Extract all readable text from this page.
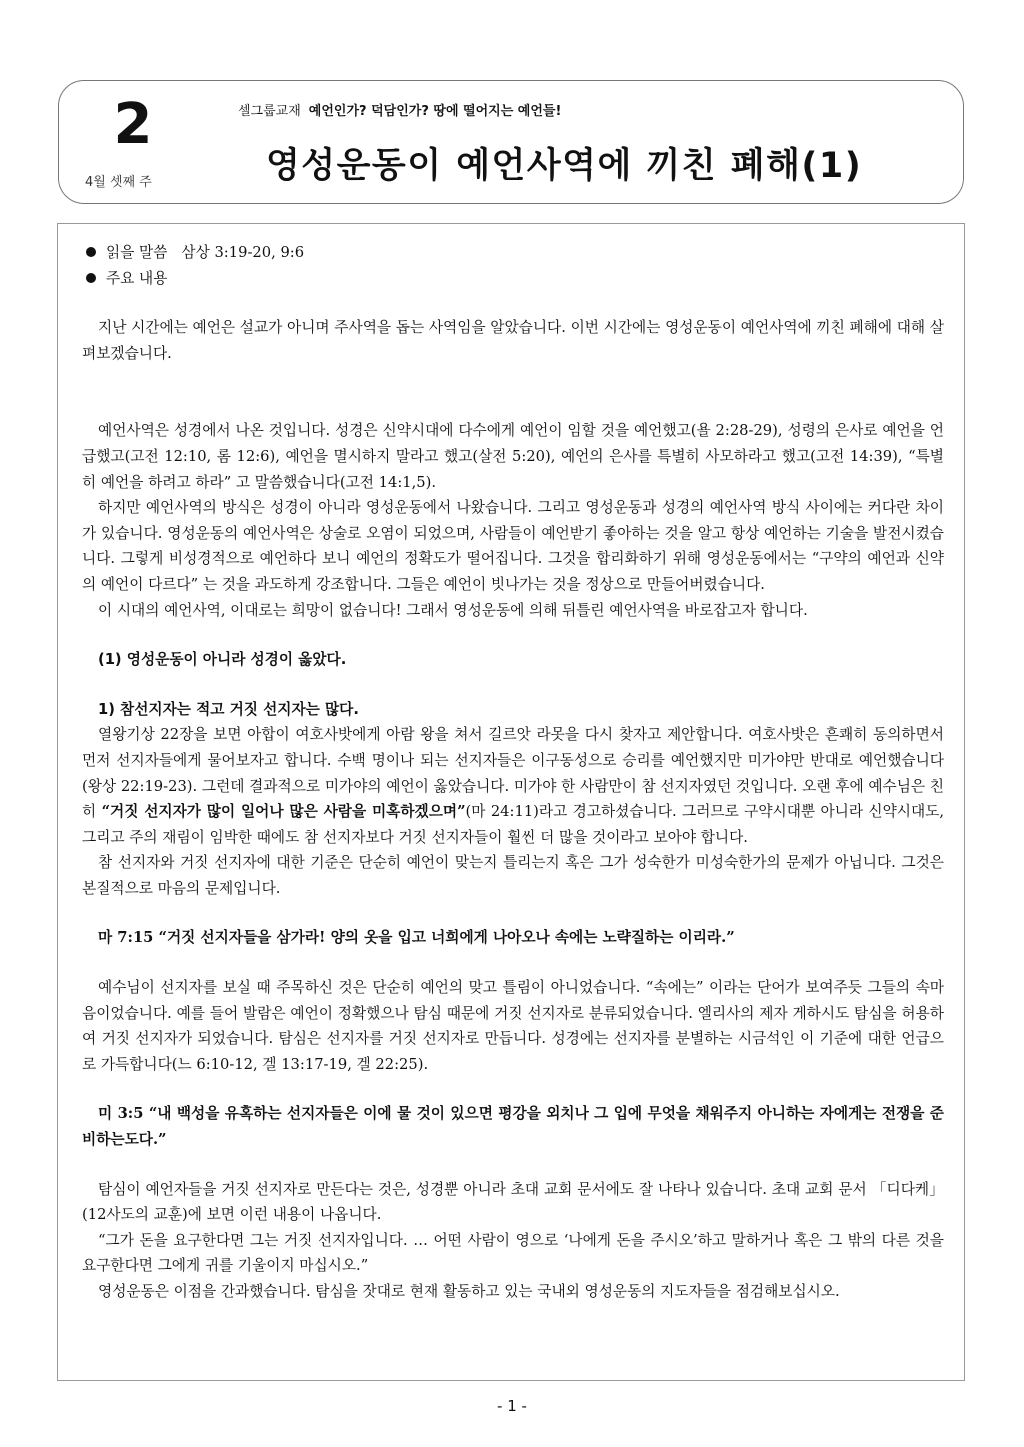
2
4월 셋째 주
셀그룹교재 예언인가? 덕담인가? 땅에 떨어지는 예언들!
영성운동이 예언사역에 끼친 폐해(1)

읽을 말씀 삼상 3:19-20, 9:6

주요 내용

지난 시간에는 예언은 설교가 아니며 주사역을 돕는 사역임을 알았습니다. 이번 시간에는 영성운동이 예언사역에 끼친 폐해에 대해 살펴보겠습니다.

예언사역은 성경에서 나온 것입니다. 성경은 신약시대에 다수에게 예언이 임할 것을 예언했고(욜 2:28-29), 성령의 은사로 예언을 언급했고(고전 12:10, 롬 12:6), 예언을 멸시하지 말라고 했고(살전 5:20), 예언의 은사를 특별히 사모하라고 했고(고전 14:39), “특별히 예언을 하려고 하라” 고 말씀했습니다(고전 14:1,5).

하지만 예언사역의 방식은 성경이 아니라 영성운동에서 나왔습니다. 그리고 영성운동과 성경의 예언사역 방식 사이에는 커다란 차이가 있습니다. 영성운동의 예언사역은 상술로 오염이 되었으며, 사람들이 예언받기 좋아하는 것을 알고 항상 예언하는 기술을 발전시켰습니다. 그렇게 비성경적으로 예언하다 보니 예언의 정확도가 떨어집니다. 그것을 합리화하기 위해 영성운동에서는 “구약의 예언과 신약의 예언이 다르다” 는 것을 과도하게 강조합니다. 그들은 예언이 빗나가는 것을 정상으로 만들어버렸습니다.

이 시대의 예언사역, 이대로는 희망이 없습니다! 그래서 영성운동에 의해 뒤틀린 예언사역을 바로잡고자 합니다.

(1) 영성운동이 아니라 성경이 옳았다.

1) 참선지자는 적고 거짓 선지자는 많다.

열왕기상 22장을 보면 아합이 여호사밧에게 아람 왕을 쳐서 길르앗 라못을 다시 찾자고 제안합니다. 여호사밧은 흔쾌히 동의하면서 먼저 선지자들에게 물어보자고 합니다. 수백 명이나 되는 선지자들은 이구동성으로 승리를 예언했지만 미가야만 반대로 예언했습니다(왕상 22:19-23). 그런데 결과적으로 미가야의 예언이 옳았습니다. 미가야 한 사람만이 참 선지자였던 것입니다. 오랜 후에 예수님은 친히 “거짓 선지자가 많이 일어나 많은 사람을 미혹하겠으며”(마 24:11)라고 경고하셨습니다. 그러므로 구약시대뿐 아니라 신약시대도, 그리고 주의 재림이 임박한 때에도 참 선지자보다 거짓 선지자들이 훨씬 더 많을 것이라고 보아야 합니다.

참 선지자와 거짓 선지자에 대한 기준은 단순히 예언이 맞는지 틀리는지 혹은 그가 성숙한가 미성숙한가의 문제가 아닙니다. 그것은 본질적으로 마음의 문제입니다.

마 7:15 “거짓 선지자들을 삼가라! 양의 옷을 입고 너희에게 나아오나 속에는 노략질하는 이리라.”

예수님이 선지자를 보실 때 주목하신 것은 단순히 예언의 맞고 틀림이 아니었습니다. “속에는” 이라는 단어가 보여주듯 그들의 속마음이었습니다. 예를 들어 발람은 예언이 정확했으나 탐심 때문에 거짓 선지자로 분류되었습니다. 엘리사의 제자 게하시도 탐심을 허용하여 거짓 선지자가 되었습니다. 탐심은 선지자를 거짓 선지자로 만듭니다. 성경에는 선지자를 분별하는 시금석인 이 기준에 대한 언급으로 가득합니다(느 6:10-12, 겔 13:17-19, 겔 22:25).

미 3:5 “내 백성을 유혹하는 선지자들은 이에 물 것이 있으면 평강을 외치나 그 입에 무엇을 채워주지 아니하는 자에게는 전쟁을 준비하는도다.”

탐심이 예언자들을 거짓 선지자로 만든다는 것은, 성경뿐 아니라 초대 교회 문서에도 잘 나타나 있습니다. 초대 교회 문서 「디다케」(12사도의 교훈)에 보면 이런 내용이 나옵니다.

“그가 돈을 요구한다면 그는 거짓 선지자입니다. … 어떤 사람이 영으로 ‘나에게 돈을 주시오’하고 말하거나 혹은 그 밖의 다른 것을 요구한다면 그에게 귀를 기울이지 마십시오.”

영성운동은 이점을 간과했습니다. 탐심을 잣대로 현재 활동하고 있는 국내외 영성운동의 지도자들을 점검해보십시오.

- 1 -
